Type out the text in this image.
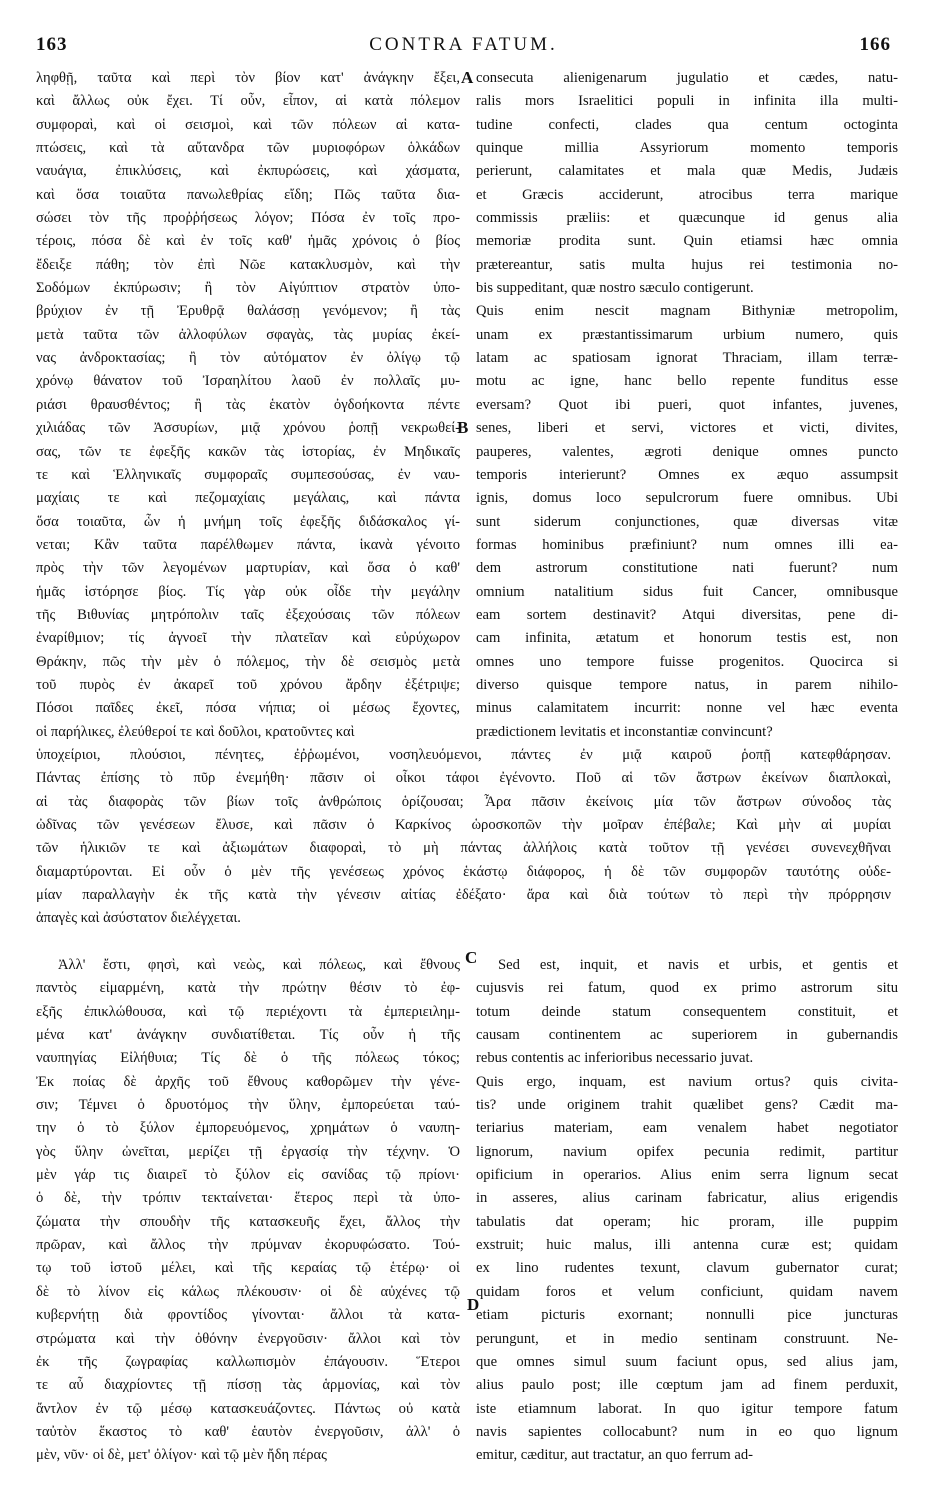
CONTRA FATUM.
163	166
A
B
C
D
ληφθῇ, ταῦτα καὶ περὶ τὸν βίον κατ' ἀνάγκην ἔξει,
καὶ ἄλλως οὐκ ἔχει. Τί οὖν, εἶπον, αἱ κατὰ πόλεμον
συμφοραὶ, καὶ οἱ σεισμοὶ, καὶ τῶν πόλεων αἱ κατα-
πτώσεις, καὶ τὰ αὔτανδρα τῶν μυριοφόρων ὁλκάδων
ναυάγια, ἐπικλύσεις, καὶ ἐκπυρώσεις, καὶ χάσματα,
καὶ ὅσα τοιαῦτα πανωλεθρίας εἴδη; Πῶς ταῦτα δια-
σώσει τὸν τῆς προῤῥήσεως λόγον; Πόσα ἐν τοῖς προ-
τέροις, πόσα δὲ καὶ ἐν τοῖς καθ' ἡμᾶς χρόνοις ὁ βίος
ἔδειξε πάθη; τὸν ἐπὶ Νῶε κατακλυσμὸν, καὶ τὴν
Σοδόμων ἐκπύρωσιν; ἢ τὸν Αἰγύπτιον στρατὸν ὑπο-
βρύχιον ἐν τῇ Ἐρυθρᾷ θαλάσσῃ γενόμενον; ἢ τὰς
μετὰ ταῦτα τῶν ἀλλοφύλων σφαγὰς, τὰς μυρίας ἐκεί-
νας ἀνδροκτασίας; ἢ τὸν αὐτόματον ἐν ὀλίγῳ τῷ
χρόνῳ θάνατον τοῦ Ἰσραηλίτου λαοῦ ἐν πολλαῖς μυ-
ριάσι θραυσθέντος; ἢ τὰς ἑκατὸν ὀγδοήκοντα πέντε
χιλιάδας τῶν Ἀσσυρίων, μιᾷ χρόνου ῥοπῇ νεκρωθεί-
σας, τῶν τε ἐφεξῆς κακῶν τὰς ἱστορίας, ἐν Μηδικαῖς
τε καὶ Ἑλληνικαῖς συμφοραῖς συμπεσούσας, ἐν ναυ-
μαχίαις τε καὶ πεζομαχίαις μεγάλαις, καὶ πάντα
ὅσα τοιαῦτα, ὧν ἡ μνήμη τοῖς ἐφεξῆς διδάσκαλος γί-
νεται; Κἂν ταῦτα παρέλθωμεν πάντα, ἱκανὰ γένοιτο
πρὸς τὴν τῶν λεγομένων μαρτυρίαν, καὶ ὅσα ὁ καθ'
ἡμᾶς ἱστόρησε βίος. Τίς γὰρ οὐκ οἶδε τὴν μεγάλην
τῆς Βιθυνίας μητρόπολιν ταῖς ἐξεχούσαις τῶν πόλεων
ἐναρίθμιον; τίς ἀγνοεῖ τὴν πλατεῖαν καὶ εὐρύχωρον
Θράκην, πῶς τὴν μὲν ὁ πόλεμος, τὴν δὲ σεισμὸς μετὰ
τοῦ πυρὸς ἐν ἀκαρεῖ τοῦ χρόνου ἄρδην ἐξέτριψε;
Πόσοι παῖδες ἐκεῖ, πόσα νήπια; οἱ μέσως ἔχοντες,
οἱ παρήλικες, ἐλεύθεροί τε καὶ δοῦλοι, κρατοῦντες καὶ
consecuta alienigenarum jugulatio et cædes, natu-
ralis mors Israelitici populi in infinita illa multi-
tudine confecti, clades qua centum octoginta
quinque millia Assyriorum momento temporis
perierunt, calamitates et mala quæ Medis, Judæis
et Græcis acciderunt, atrocibus terra marique
commissis præliis: et quæcunque id genus alia
memoriæ prodita sunt. Quin etiamsi hæc omnia
prætereantur, satis multa hujus rei testimonia no-
bis suppeditant, quæ nostro sæculo contigerunt.
Quis enim nescit magnam Bithyniæ metropolim,
unam ex præstantissimarum urbium numero, quis
latam ac spatiosam ignorat Thraciam, illam terræ-
motu ac igne, hanc bello repente funditus esse
eversam? Quot ibi pueri, quot infantes, juvenes,
senes, liberi et servi, victores et victi, divites,
pauperes, valentes, ægroti denique omnes puncto
temporis interierunt? Omnes ex æquo assumpsit
ignis, domus loco sepulcrorum fuere omnibus. Ubi
sunt siderum conjunctiones, quæ diversas vitæ
formas hominibus præfiniunt? num omnes illi ea-
dem astrorum constitutione nati fuerunt? num
omnium natalitium sidus fuit Cancer, omnibusque
eam sortem destinavit? Atqui diversitas, pene di-
cam infinita, ætatum et honorum testis est, non
omnes uno tempore fuisse progenitos. Quocirca si
diverso quisque tempore natus, in parem nihilo-
minus calamitatem incurrit: nonne vel hæc eventa
prædictionem levitatis et inconstantiæ convincunt?
ὑποχείριοι, πλούσιοι, πένητες, ἐῤῥωμένοι, νοσηλευόμενοι, πάντες ἐν μιᾷ καιροῦ ῥοπῇ κατεφθάρησαν.
Πάντας ἐπίσης τὸ πῦρ ἐνεμήθη· πᾶσιν οἱ οἶκοι τάφοι ἐγένοντο. Ποῦ αἱ τῶν ἄστρων ἐκείνων διαπλοκαὶ,
αἱ τὰς διαφορὰς τῶν βίων τοῖς ἀνθρώποις ὁρίζουσαι; Ἆρα πᾶσιν ἐκείνοις μία τῶν ἄστρων σύνοδος τὰς
ὠδῖνας τῶν γενέσεων ἔλυσε, καὶ πᾶσιν ὁ Καρκίνος ὡροσκοπῶν τὴν μοῖραν ἐπέβαλε; Καὶ μὴν αἱ μυρίαι
τῶν ἡλικιῶν τε καὶ ἀξιωμάτων διαφοραὶ, τὸ μὴ πάντας ἀλλήλοις κατὰ τοῦτον τῇ γενέσει συνενεχθῆναι
διαμαρτύρονται. Εἰ οὖν ὁ μὲν τῆς γενέσεως χρόνος ἑκάστῳ διάφορος, ἡ δὲ τῶν συμφορῶν ταυτότης οὐδε-
μίαν παραλλαγὴν ἐκ τῆς κατὰ τὴν γένεσιν αἰτίας ἐδέξατο· ἄρα καὶ διὰ τούτων τὸ περὶ τὴν πρόρρησιν
ἀπαγὲς καὶ ἀσύστατον διελέγχεται.
Ἀλλ' ἔστι, φησὶ, καὶ νεὼς, καὶ πόλεως, καὶ ἔθνους
παντὸς εἱμαρμένη, κατὰ τὴν πρώτην θέσιν τὸ ἐφ-
εξῆς ἐπικλώθουσα, καὶ τῷ περιέχοντι τὰ ἐμπεριειλημ-
μένα κατ' ἀνάγκην συνδιατίθεται. Τίς οὖν ἡ τῆς
ναυπηγίας Εἰλήθυια; Τίς δὲ ὁ τῆς πόλεως τόκος;
Ἐκ ποίας δὲ ἀρχῆς τοῦ ἔθνους καθορῶμεν τὴν γένε-
σιν; Τέμνει ὁ δρυοτόμος τὴν ὕλην, ἐμπορεύεται ταύ-
την ὁ τὸ ξύλον ἐμπορευόμενος, χρημάτων ὁ ναυπη-
γὸς ὕλην ὠνεῖται, μερίζει τῇ ἐργασίᾳ τὴν τέχνην. Ὁ
μὲν γάρ τις διαιρεῖ τὸ ξύλον εἰς σανίδας τῷ πρίονι·
ὁ δὲ, τὴν τρόπιν τεκταίνεται· ἕτερος περὶ τὰ ὑπο-
ζώματα τὴν σπουδὴν τῆς κατασκευῆς ἔχει, ἄλλος τὴν
πρῶραν, καὶ ἄλλος τὴν πρύμναν ἐκορυφώσατο. Τού-
τῳ τοῦ ἱστοῦ μέλει, καὶ τῆς κεραίας τῷ ἑτέρῳ· οἱ
δὲ τὸ λίνον εἰς κάλως πλέκουσιν· οἱ δὲ αὐχένες τῷ
κυβερνήτῃ διὰ φροντίδος γίνονται· ἄλλοι τὰ κατα-
στρώματα καὶ τὴν ὀθόνην ἐνεργοῦσιν· ἄλλοι καὶ τὸν
ἐκ τῆς ζωγραφίας καλλωπισμὸν ἐπάγουσιν. Ἕτεροι
τε αὖ διαχρίοντες τῇ πίσσῃ τὰς ἁρμονίας, καὶ τὸν
ἄντλον ἐν τῷ μέσῳ κατασκευάζοντες. Πάντως οὐ κατὰ
ταὐτὸν ἕκαστος τὸ καθ' ἑαυτὸν ἐνεργοῦσιν, ἀλλ' ὁ
μὲν, νῦν· οἱ δὲ, μετ' ὀλίγον· καὶ τῷ μὲν ἤδη πέρας
Sed est, inquit, et navis et urbis, et gentis et
cujusvis rei fatum, quod ex primo astrorum situ
totum deinde statum consequentem constituit, et
causam continentem ac superiorem in gubernandis
rebus contentis ac inferioribus necessario juvat.
Quis ergo, inquam, est navium ortus? quis civita-
tis? unde originem trahit quælibet gens? Cædit ma-
teriarius materiam, eam venalem habet negotiator
lignorum, navium opifex pecunia redimit, partitur
opificium in operarios. Alius enim serra lignum secat
in asseres, alius carinam fabricatur, alius erigendis
tabulatis dat operam; hic proram, ille puppim
exstruit; huic malus, illi antenna curæ est; quidam
ex lino rudentes texunt, clavum gubernator curat;
quidam foros et velum conficiunt, quidam navem
etiam picturis exornant; nonnulli pice juncturas
perungunt, et in medio sentinam construunt. Ne-
que omnes simul suum faciunt opus, sed alius jam,
alius paulo post; ille cœptum jam ad finem perduxit,
iste etiamnum laborat. In quo igitur tempore fatum
navis sapientes collocabunt? num in eo quo lignum
emitur, cæditur, aut tractatur, an quo ferrum ad-
